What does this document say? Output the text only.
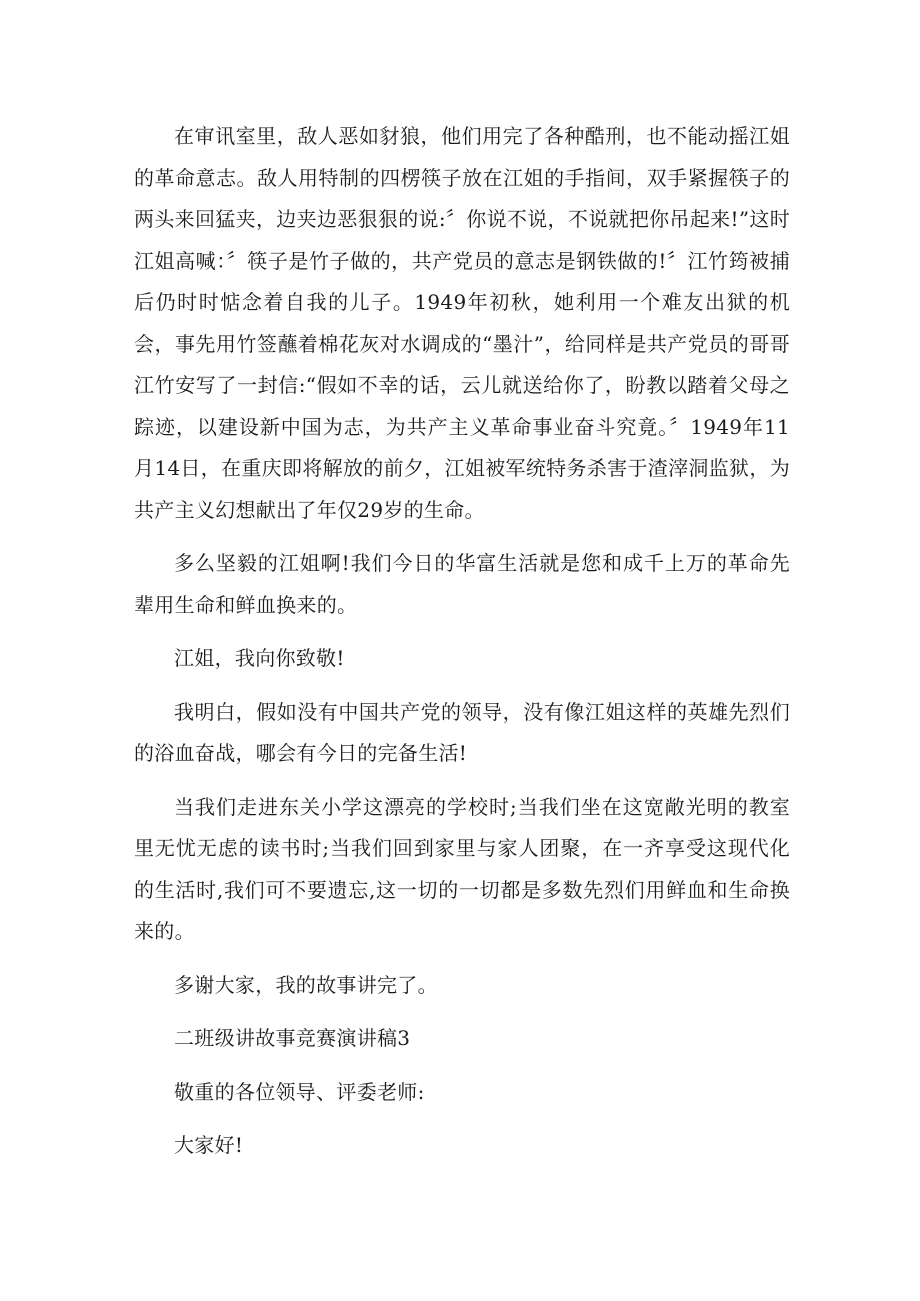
在审讯室里，敌人恶如豺狼，他们用完了各种酷刑，也不能动摇江姐的革命意志。敌人用特制的四楞筷子放在江姐的手指间，双手紧握筷子的两头来回猛夹，边夹边恶狠狠的说:〞你说不说，不说就把你吊起来!”这时江姐高喊：〞筷子是竹子做的，共产党员的意志是钢铁做的!〞江竹筠被捕后仍时时惦念着自我的儿子。1949年初秋，她利用一个难友出狱的机会，事先用竹签蘸着棉花灰对水调成的“墨汁”，给同样是共产党员的哥哥江竹安写了一封信:“假如不幸的话，云儿就送给你了，盼教以踏着父母之踪迹，以建设新中国为志，为共产主义革命事业奋斗究竟。〞1949年11月14日，在重庆即将解放的前夕，江姐被军统特务杀害于渣滓洞监狱，为共产主义幻想献出了年仅29岁的生命。

多么坚毅的江姐啊!我们今日的华富生活就是您和成千上万的革命先辈用生命和鲜血换来的。

江姐，我向你致敬!

我明白，假如没有中国共产党的领导，没有像江姐这样的英雄先烈们的浴血奋战，哪会有今日的完备生活!

当我们走进东关小学这漂亮的学校时;当我们坐在这宽敞光明的教室里无忧无虑的读书时;当我们回到家里与家人团聚，在一齐享受这现代化的生活时,我们可不要遗忘,这一切的一切都是多数先烈们用鲜血和生命换来的。

多谢大家，我的故事讲完了。

二班级讲故事竞赛演讲稿3

敬重的各位领导、评委老师:

大家好!
